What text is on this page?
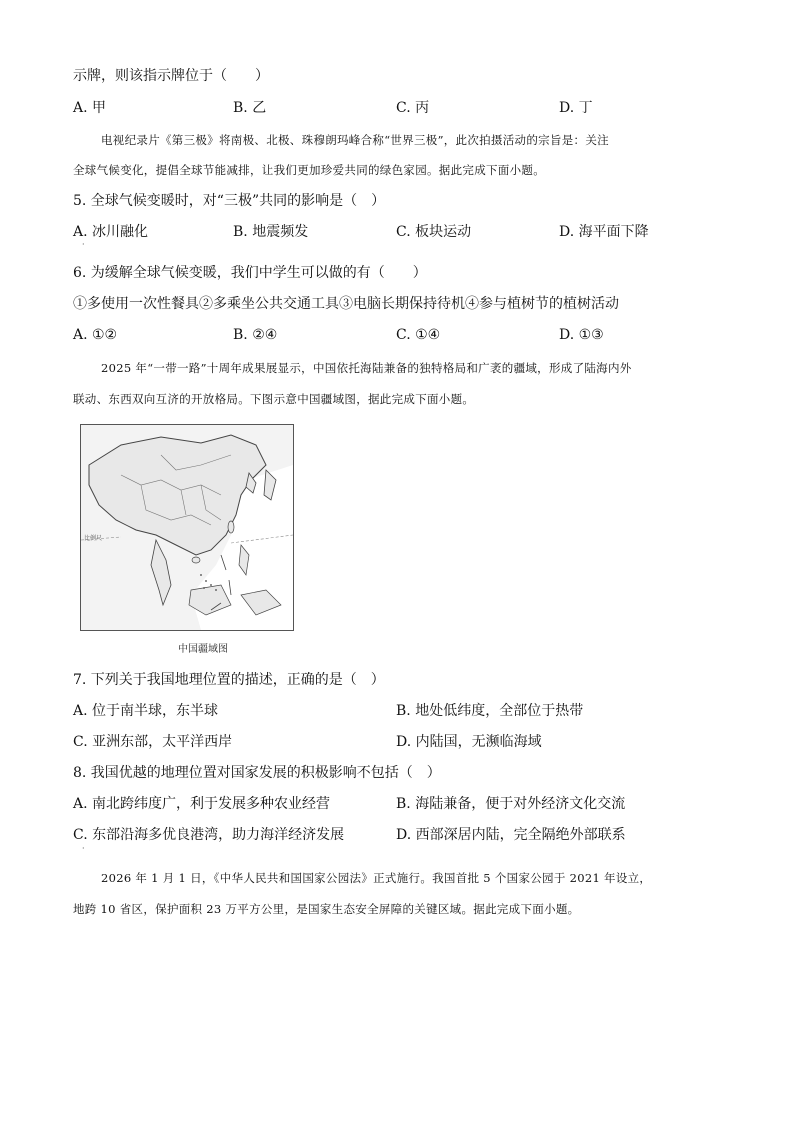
示牌，则该指示牌位于（　　）
A. 甲	B. 乙	C. 丙	D. 丁
电视纪录片《第三极》将南极、北极、珠穆朗玛峰合称“世界三极”，此次拍摄活动的宗旨是：关注
全球气候变化，提倡全球节能减排，让我们更加珍爱共同的绿色家园。据此完成下面小题。
5. 全球气候变暖时，对“三极”共同的影响是（　）
A. 冰川融化	B. 地震频发	C. 板块运动	D. 海平面下降
·
6. 为缓解全球气候变暖，我们中学生可以做的有（　　）
①多使用一次性餐具②多乘坐公共交通工具③电脑长期保持待机④参与植树节的植树活动
A. ①②	B. ②④	C. ①④	D. ①③
2025 年“一带一路”十周年成果展显示，中国依托海陆兼备的独特格局和广袤的疆域，形成了陆海内外
联动、东西双向互济的开放格局。下图示意中国疆域图，据此完成下面小题。
比例尺
中国疆域图
7. 下列关于我国地理位置的描述，正确的是（　）
A. 位于南半球，东半球	B. 地处低纬度，全部位于热带
C. 亚洲东部，太平洋西岸	D. 内陆国，无濒临海域
8. 我国优越的地理位置对国家发展的积极影响不包括（　）
A. 南北跨纬度广，利于发展多种农业经营	B. 海陆兼备，便于对外经济文化交流
C. 东部沿海多优良港湾，助力海洋经济发展	D. 西部深居内陆，完全隔绝外部联系
·
2026 年 1 月 1 日，《中华人民共和国国家公园法》正式施行。我国首批 5 个国家公园于 2021 年设立，
地跨 10 省区，保护面积 23 万平方公里，是国家生态安全屏障的关键区域。据此完成下面小题。
